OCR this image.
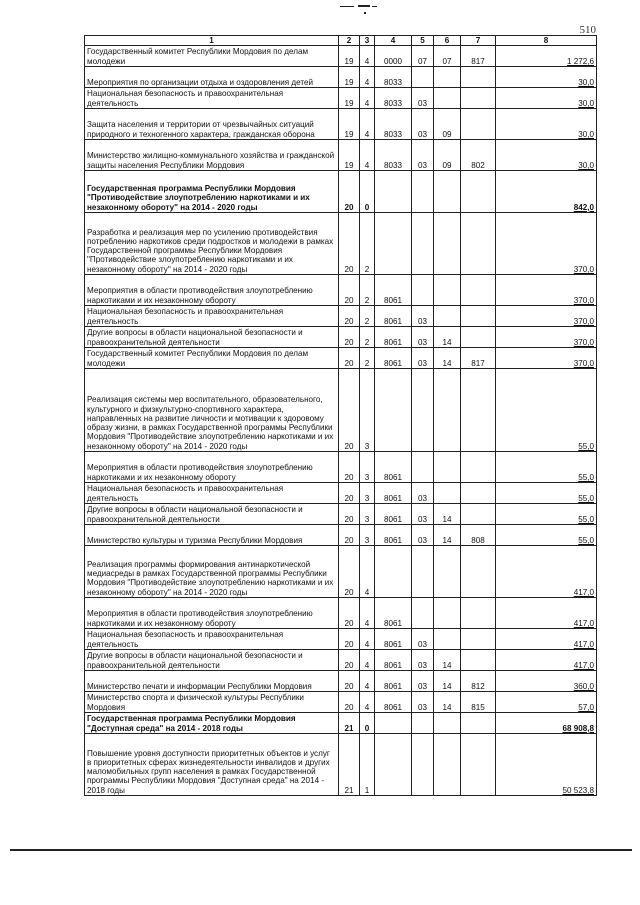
510
1	2	3	4	5	6	7	8
Государственный комитет Республики Мордовия по делам молодежи	19	4	0000	07	07	817	1 272,6
Мероприятия по организации отдыха и оздоровления детей	19	4	8033				30,0
Национальная безопасность и правоохранительная деятельность	19	4	8033	03			30,0
Защита населения и территории от чрезвычайных ситуаций природного и техногенного характера, гражданская оборона	19	4	8033	03	09		30,0
Министерство жилищно-коммунального хозяйства и гражданской защиты населения Республики Мордовия	19	4	8033	03	09	802	30,0
Государственная программа Республики Мордовия "Противодействие злоупотреблению наркотиками и их незаконному обороту" на 2014 - 2020 годы	20	0					842,0
Разработка и реализация мер по усилению противодействия потреблению наркотиков среди подростков и молодежи в рамках Государственной программы Республики Мордовия "Противодействие злоупотреблению наркотиками и их незаконному обороту" на 2014 - 2020 годы	20	2					370,0
Мероприятия в области противодействия злоупотреблению наркотиками и их незаконному обороту	20	2	8061				370,0
Национальная безопасность и правоохранительная деятельность	20	2	8061	03			370,0
Другие вопросы в области национальной безопасности и правоохранительной деятельности	20	2	8061	03	14		370,0
Государственный комитет Республики Мордовия по делам молодежи	20	2	8061	03	14	817	370,0
Реализация системы мер воспитательного, образовательного, культурного и физкультурно-спортивного характера, направленных на развитие личности и мотивации к здоровому образу жизни, в рамках Государственной программы Республики Мордовия "Противодействие злоупотреблению наркотиками и их незаконному обороту" на 2014 - 2020 годы	20	3					55,0
Мероприятия в области противодействия злоупотреблению наркотиками и их незаконному обороту	20	3	8061				55,0
Национальная безопасность и правоохранительная деятельность	20	3	8061	03			55,0
Другие вопросы в области национальной безопасности и правоохранительной деятельности	20	3	8061	03	14		55,0
Министерство культуры и туризма Республики Мордовия	20	3	8061	03	14	808	55,0
Реализация программы формирования антинаркотической медиасреды в рамках Государственной программы Республики Мордовия "Противодействие злоупотреблению наркотиками и их незаконному обороту" на 2014 - 2020 годы	20	4					417,0
Мероприятия в области противодействия злоупотреблению наркотиками и их незаконному обороту	20	4	8061				417,0
Национальная безопасность и правоохранительная деятельность	20	4	8061	03			417,0
Другие вопросы в области национальной безопасности и правоохранительной деятельности	20	4	8061	03	14		417,0
Министерство печати и информации Республики Мордовия	20	4	8061	03	14	812	360,0
Министерство спорта и физической культуры Республики Мордовия	20	4	8061	03	14	815	57,0
Государственная программа Республики Мордовия "Доступная среда" на 2014 - 2018 годы	21	0					68 908,8
Повышение уровня доступности приоритетных объектов и услуг в приоритетных сферах жизнедеятельности инвалидов и других маломобильных групп населения в рамках Государственной программы Республики Мордовия "Доступная среда" на 2014 - 2018 годы	21	1					50 523,8
